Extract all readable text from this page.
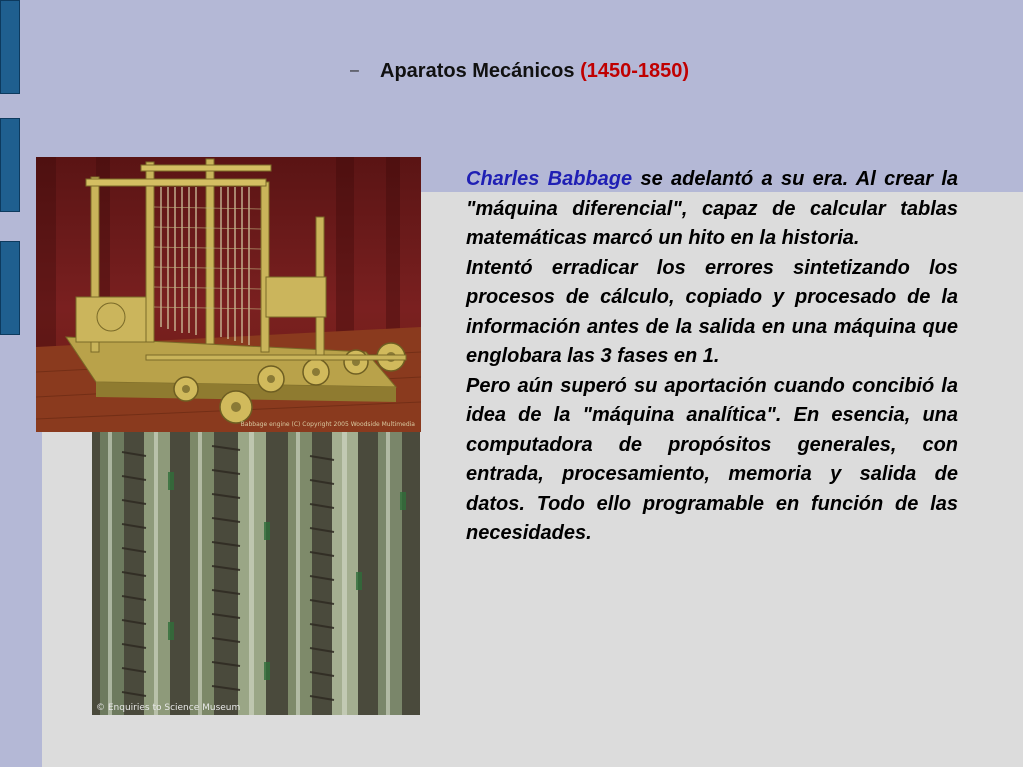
– Aparatos Mecánicos (1450-1850)
Babbage engine (C) Copyright 2005 Woodside Multimedia
© Enquiries to Science Museum

Charles Babbage se adelantó a su era. Al crear la "máquina diferencial", capaz de calcular tablas matemáticas marcó un hito en la historia.

Intentó erradicar los errores sintetizando los procesos de cálculo, copiado y procesado de la información antes de la salida en una máquina que englobara las 3 fases en 1.

Pero aún superó su aportación cuando concibió la idea de la "máquina analítica". En esencia, una computadora de propósitos generales, con entrada, procesamiento, memoria y salida de datos. Todo ello programable en función de las necesidades.
